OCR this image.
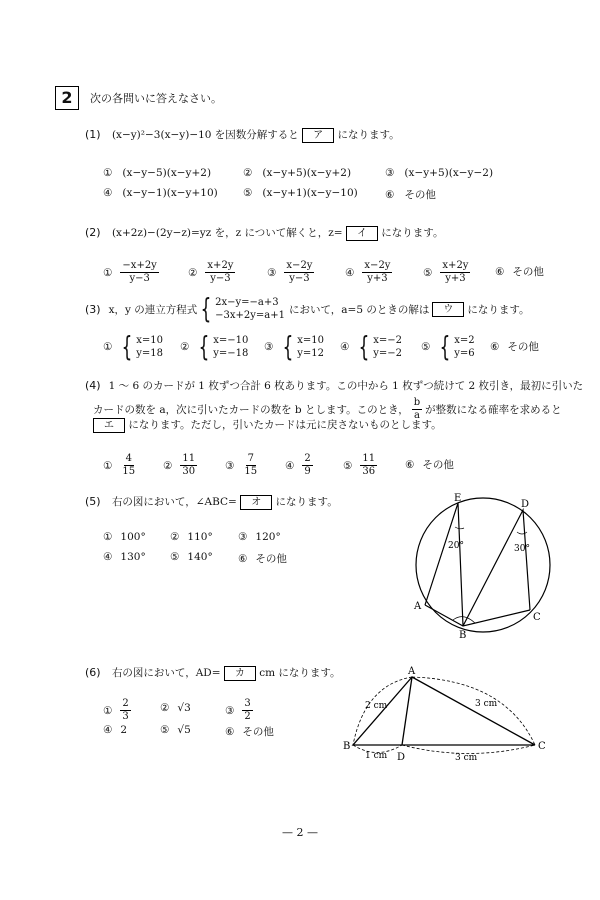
2	次の各問いに答えなさい。
(1) (x−y)²−3(x−y)−10 を因数分解すると ア になります。
① (x−y−5)(x−y+2)	② (x−y+5)(x−y+2)	③ (x−y+5)(x−y−2)
④ (x−y−1)(x−y+10) ⑤ (x−y+1)(x−y−10)	⑥ その他
(2) (x+2z)−(2y−z)=yz を，z について解くと，z= イ になります。
① $\frac{-x+2y}{y-3}$	② $\frac{x+2y}{y-3}$	③ $\frac{x-2y}{y-3}$	④ $\frac{x-2y}{y+3}$	⑤ $\frac{x+2y}{y+3}$ ⑥ その他
(3) x，y の連立方程式 { 2x−y=−a+3
−3x+2y=a+1 において，a=5 のときの解は	ウ	になります。
① { x=10
y=18
② { x=−10
y=−18
③ { x=10
y=12
④ { x=−2
y=−2
⑤ { x=2
y=6
⑥ その他
(4) 1 ～ 6 のカードが 1 枚ずつ合計 6 枚あります。この中から 1 枚ずつ続けて 2 枚引き，最初に引いた
カードの数を a，次に引いたカードの数を b とします。このとき， $\frac{b}{a}$ が整数になる確率を求めると
エ になります。ただし，引いたカードは元に戻さないものとします。
① $\frac{4}{15}$ ② $\frac{11}{30}$	③ $\frac{7}{15}$ ④ $\frac{2}{9}$	⑤ $\frac{11}{36}$	⑥ その他
(5) 右の図において，∠ABC= オ になります。
① 100° ② 110° ③ 120°
④ 130° ⑤ 140° ⑥ その他
E
D
A
B
C
20°	30°
(6) 右の図において，AD= カ cm になります。
① $\frac{2}{3}$	② √3	③ $\frac{3}{2}$
④ 2	⑤ √5	⑥ その他
A
B	C
D
2 cm	3 cm
1 cm	3 cm
— 2 —
